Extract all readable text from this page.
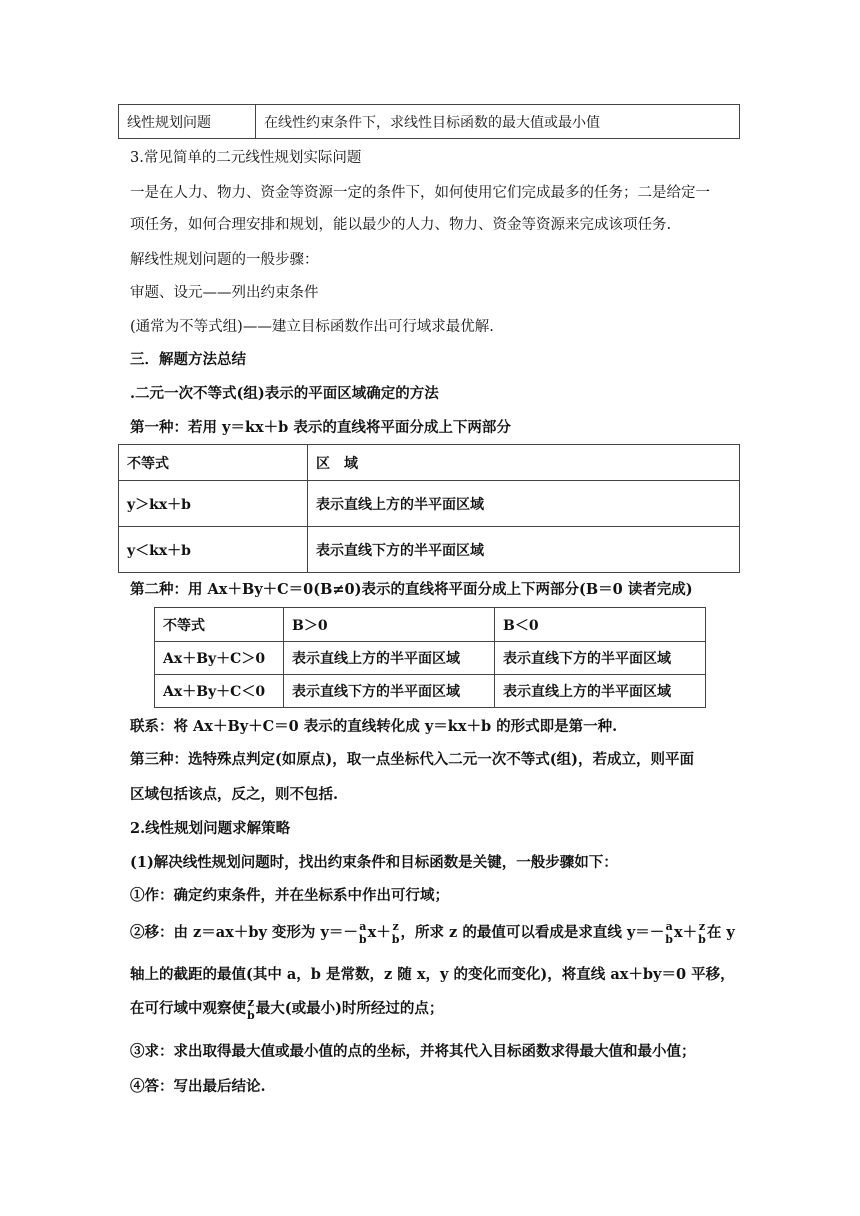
线性规划问题	在线性约束条件下，求线性目标函数的最大值或最小值
3.常见简单的二元线性规划实际问题
一是在人力、物力、资金等资源一定的条件下，如何使用它们完成最多的任务；二是给定一
项任务，如何合理安排和规划，能以最少的人力、物力、资金等资源来完成该项任务.
解线性规划问题的一般步骤：
审题、设元——列出约束条件
(通常为不等式组)——建立目标函数作出可行域求最优解.
三．解题方法总结
.二元一次不等式(组)表示的平面区域确定的方法
第一种：若用 y＝kx＋b 表示的直线将平面分成上下两部分
不等式	区　域
y＞kx＋b	表示直线上方的半平面区域
y＜kx＋b	表示直线下方的半平面区域
第二种：用 Ax＋By＋C＝0(B≠0)表示的直线将平面分成上下两部分(B＝0 读者完成)
不等式	B＞0	B＜0
Ax＋By＋C＞0	表示直线上方的半平面区域	表示直线下方的半平面区域
Ax＋By＋C＜0	表示直线下方的半平面区域	表示直线上方的半平面区域
联系：将 Ax＋By＋C＝0 表示的直线转化成 y＝kx＋b 的形式即是第一种.
第三种：选特殊点判定(如原点)，取一点坐标代入二元一次不等式(组)，若成立，则平面
区域包括该点，反之，则不包括.
2.线性规划问题求解策略
(1)解决线性规划问题时，找出约束条件和目标函数是关键，一般步骤如下：
①作：确定约束条件，并在坐标系中作出可行域；
②移：由 z＝ax＋by 变形为 y＝－ a
b x＋ z
b ，所求 z 的最值可以看成是求直线 y＝－ a
b x＋ z
b 在 y
轴上的截距的最值(其中 a，b 是常数，z 随 x，y 的变化而变化)，将直线 ax＋by＝0 平移，
在可行域中观察使 z
b 最大(或最小)时所经过的点；
③求：求出取得最大值或最小值的点的坐标，并将其代入目标函数求得最大值和最小值；
④答：写出最后结论.
